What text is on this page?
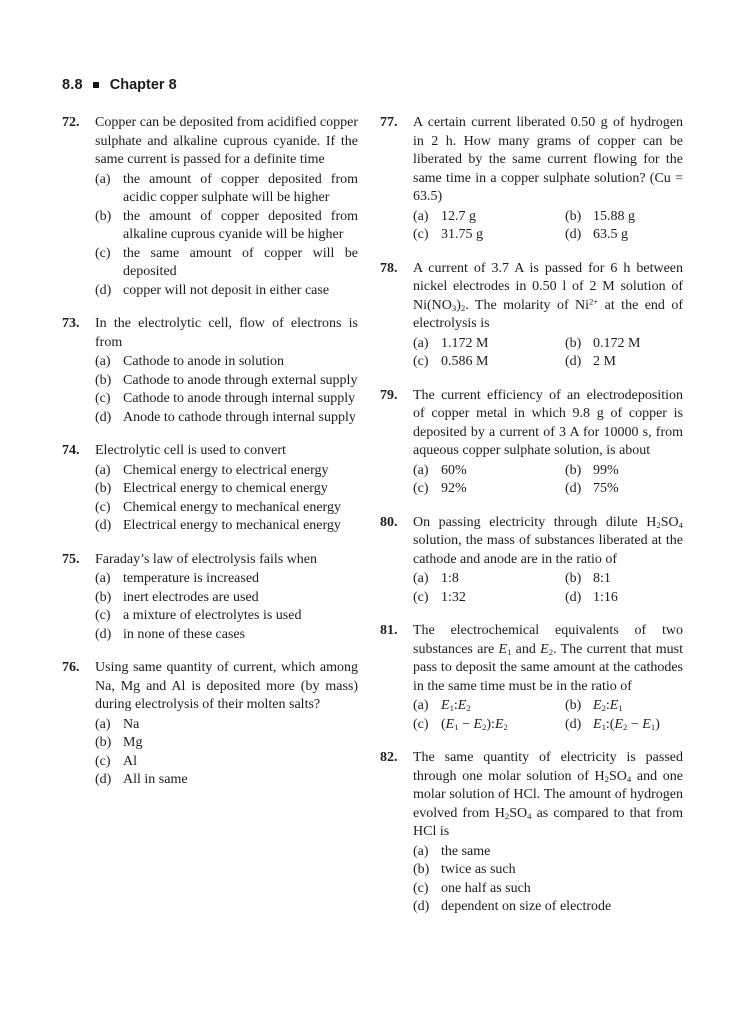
8.8 Chapter 8
72.	Copper can be deposited from acidified copper sulphate and alkaline cuprous cyanide. If the same current is passed for a definite time

(a) the amount of copper deposited from acidic copper sulphate will be higher
(b) the amount of copper deposited from alkaline cuprous cyanide will be higher
(c) the same amount of copper will be deposited
(d) copper will not deposit in either case
73.	In the electrolytic cell, flow of electrons is from

(a) Cathode to anode in solution
(b) Cathode to anode through external supply
(c) Cathode to anode through internal supply
(d) Anode to cathode through internal supply
74.	Electrolytic cell is used to convert

(a) Chemical energy to electrical energy
(b) Electrical energy to chemical energy
(c) Chemical energy to mechanical energy
(d) Electrical energy to mechanical energy
75.	Faraday’s law of electrolysis fails when

(a) temperature is increased
(b) inert electrodes are used
(c) a mixture of electrolytes is used
(d) in none of these cases
76.	Using same quantity of current, which among Na, Mg and Al is deposited more (by mass) during electrolysis of their molten salts?

(a) Na
(b) Mg
(c) Al
(d) All in same
77.	A certain current liberated 0.50 g of hydrogen in 2 h. How many grams of copper can be liberated by the same current flowing for the same time in a copper sulphate solution? (Cu = 63.5)

(a) 12.7 g	(b) 15.88 g
(c) 31.75 g	(d) 63.5 g
78.	A current of 3.7 A is passed for 6 h between nickel electrodes in 0.50 l of 2 M solution of $Ni(NO_3)_2$. The molarity of $Ni^{2+}$ at the end of electrolysis is

(a) 1.172 M	(b) 0.172 M
(c) 0.586 M	(d) 2 M
79.	The current efficiency of an electrodeposition of copper metal in which 9.8 g of copper is deposited by a current of 3 A for 10000 s, from aqueous copper sulphate solution, is about

(a) 60%	(b) 99%
(c) 92%	(d) 75%
80.	On passing electricity through dilute $H_2SO_4$ solution, the mass of substances liberated at the cathode and anode are in the ratio of

(a) 1:8	(b) 8:1
(c) 1:32	(d) 1:16
81.	The electrochemical equivalents of two substances are $E_1$ and $E_2$. The current that must pass to deposit the same amount at the cathodes in the same time must be in the ratio of

(a) $E_1:E_2$	(b) $E_2:E_1$
(c) ($E_1$ − $E_2):E_2$	(d) $E_1:(E_2 - E_1)$
82.	The same quantity of electricity is passed through one molar solution of $H_2SO_4$ and one molar solution of HCl. The amount of hydrogen evolved from $H_2SO_4$ as compared to that from HCl is

(a) the same
(b) twice as such
(c) one half as such
(d) dependent on size of electrode
